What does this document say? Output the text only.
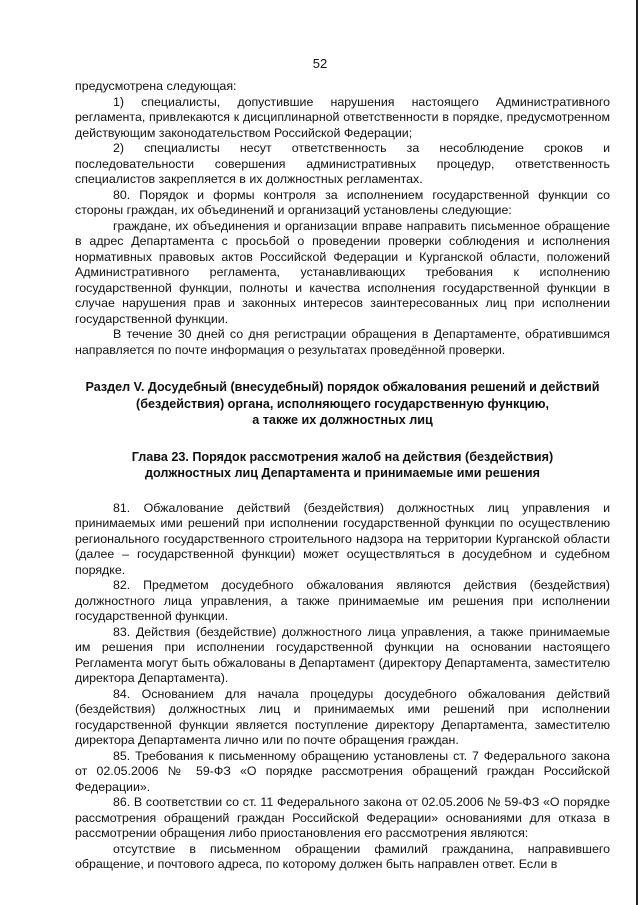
52

предусмотрена следующая:

1) специалисты, допустившие нарушения настоящего Административного регламента, привлекаются к дисциплинарной ответственности в порядке, предусмотренном действующим законодательством Российской Федерации;

2) специалисты несут ответственность за несоблюдение сроков и последовательности совершения административных процедур, ответственность специалистов закрепляется в их должностных регламентах.

80. Порядок и формы контроля за исполнением государственной функции со стороны граждан, их объединений и организаций установлены следующие:

граждане, их объединения и организации вправе направить письменное обращение в адрес Департамента с просьбой о проведении проверки соблюдения и исполнения нормативных правовых актов Российской Федерации и Курганской области, положений Административного регламента, устанавливающих требования к исполнению государственной функции, полноты и качества исполнения государственной функции в случае нарушения прав и законных интересов заинтересованных лиц при исполнении государственной функции.

В течение 30 дней со дня регистрации обращения в Департаменте, обратившимся направляется по почте информация о результатах проведённой проверки.

Раздел V. Досудебный (внесудебный) порядок обжалования решений и действий
(бездействия) органа, исполняющего государственную функцию,
а также их должностных лиц
Глава 23. Порядок рассмотрения жалоб на действия (бездействия)
должностных лиц Департамента и принимаемые ими решения

81. Обжалование действий (бездействия) должностных лиц управления и принимаемых ими решений при исполнении государственной функции по осуществлению регионального государственного строительного надзора на территории Курганской области (далее – государственной функции) может осуществляться в досудебном и судебном порядке.

82. Предметом досудебного обжалования являются действия (бездействия) должностного лица управления, а также принимаемые им решения при исполнении государственной функции.

83. Действия (бездействие) должностного лица управления, а также принимаемые им решения при исполнении государственной функции на основании настоящего Регламента могут быть обжалованы в Департамент (директору Департамента, заместителю директора Департамента).

84. Основанием для начала процедуры досудебного обжалования действий (бездействия) должностных лиц и принимаемых ими решений при исполнении государственной функции является поступление директору Департамента, заместителю директора Департамента лично или по почте обращения граждан.

85. Требования к письменному обращению установлены ст. 7 Федерального закона от 02.05.2006 № 59-ФЗ «О порядке рассмотрения обращений граждан Российской Федерации».

86. В соответствии со ст. 11 Федерального закона от 02.05.2006 № 59-ФЗ «О порядке рассмотрения обращений граждан Российской Федерации» основаниями для отказа в рассмотрении обращения либо приостановления его рассмотрения являются:

отсутствие в письменном обращении фамилий гражданина, направившего обращение, и почтового адреса, по которому должен быть направлен ответ. Если в
